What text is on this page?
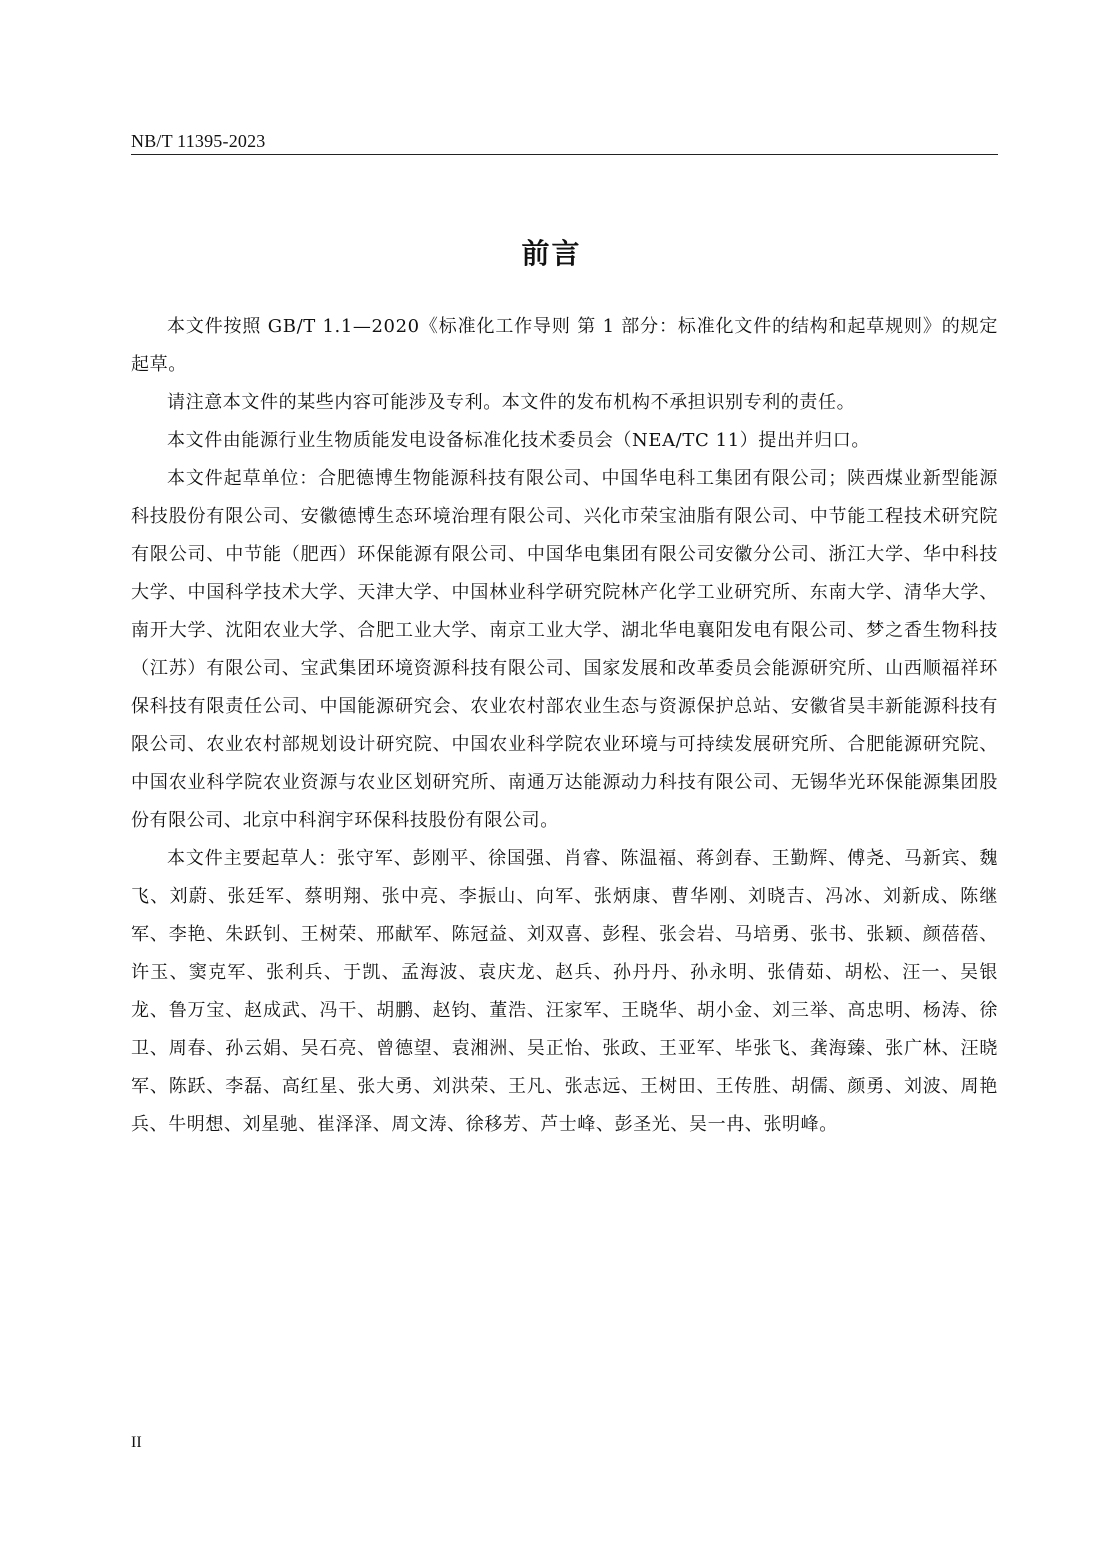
NB/T 11395-2023
前言

本文件按照 GB/T 1.1—2020《标准化工作导则 第 1 部分：标准化文件的结构和起草规则》的规定起草。

请注意本文件的某些内容可能涉及专利。本文件的发布机构不承担识别专利的责任。

本文件由能源行业生物质能发电设备标准化技术委员会（NEA/TC 11）提出并归口。

本文件起草单位：合肥德博生物能源科技有限公司、中国华电科工集团有限公司；陕西煤业新型能源科技股份有限公司、安徽德博生态环境治理有限公司、兴化市荣宝油脂有限公司、中节能工程技术研究院有限公司、中节能（肥西）环保能源有限公司、中国华电集团有限公司安徽分公司、浙江大学、华中科技大学、中国科学技术大学、天津大学、中国林业科学研究院林产化学工业研究所、东南大学、清华大学、南开大学、沈阳农业大学、合肥工业大学、南京工业大学、湖北华电襄阳发电有限公司、梦之香生物科技（江苏）有限公司、宝武集团环境资源科技有限公司、国家发展和改革委员会能源研究所、山西顺福祥环保科技有限责任公司、中国能源研究会、农业农村部农业生态与资源保护总站、安徽省昊丰新能源科技有限公司、农业农村部规划设计研究院、中国农业科学院农业环境与可持续发展研究所、合肥能源研究院、中国农业科学院农业资源与农业区划研究所、南通万达能源动力科技有限公司、无锡华光环保能源集团股份有限公司、北京中科润宇环保科技股份有限公司。

本文件主要起草人：张守军、彭刚平、徐国强、肖睿、陈温福、蒋剑春、王勤辉、傅尧、马新宾、魏飞、刘蔚、张廷军、蔡明翔、张中亮、李振山、向军、张炳康、曹华刚、刘晓吉、冯冰、刘新成、陈继军、李艳、朱跃钊、王树荣、邢献军、陈冠益、刘双喜、彭程、张会岩、马培勇、张书、张颖、颜蓓蓓、许玉、窦克军、张利兵、于凯、孟海波、袁庆龙、赵兵、孙丹丹、孙永明、张倩茹、胡松、汪一、吴银龙、鲁万宝、赵成武、冯干、胡鹏、赵钧、董浩、汪家军、王晓华、胡小金、刘三举、高忠明、杨涛、徐卫、周春、孙云娟、吴石亮、曾德望、袁湘洲、吴正怡、张政、王亚军、毕张飞、龚海臻、张广林、汪晓军、陈跃、李磊、高红星、张大勇、刘洪荣、王凡、张志远、王树田、王传胜、胡儒、颜勇、刘波、周艳兵、牛明想、刘星驰、崔泽泽、周文涛、徐移芳、芦士峰、彭圣光、吴一冉、张明峰。

II
